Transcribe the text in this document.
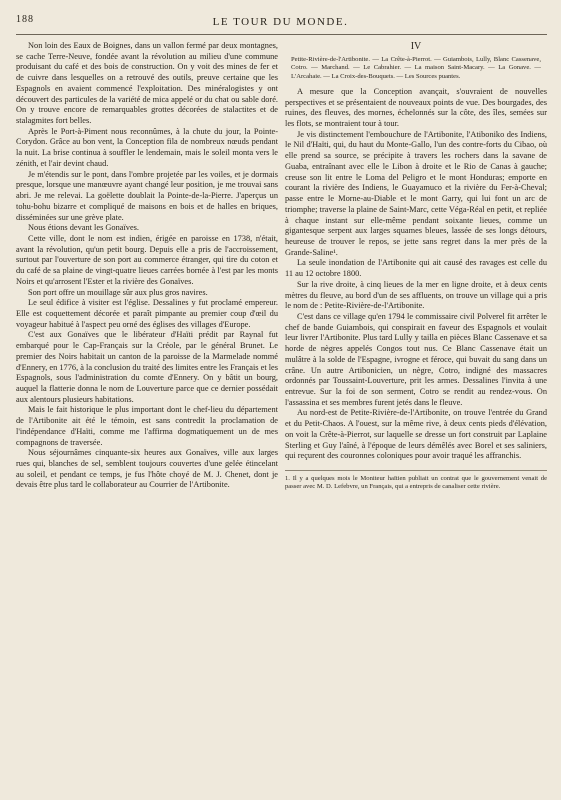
188	LE TOUR DU MONDE.

Non loin des Eaux de Boignes, dans un vallon fermé par deux montagnes, se cache Terre-Neuve, fondée avant la révolution au milieu d'une commune produisant du café et des bois de construction. On y voit des mines de fer et de cuivre dans lesquelles on a retrouvé des outils, preuve certaine que les Espagnols en avaient commencé l'exploitation. Des minéralogistes y ont découvert des particules de la variété de mica appelé or du chat ou sable doré. On y trouve encore de remarquables grottes décorées de stalactites et de stalagmites fort belles.

Après le Port-à-Piment nous reconnûmes, à la chute du jour, la Pointe-Corydon. Grâce au bon vent, la Conception fila de nombreux nœuds pendant la nuit. La brise continua à souffler le lendemain, mais le soleil monta vers le zénith, et l'air devint chaud.

Je m'étendis sur le pont, dans l'ombre projetée par les voiles, et je dormais presque, lorsque une manœuvre ayant changé leur position, je me trouvai sans abri. Je me relevai. La goëlette doublait la Pointe-de-la-Pierre. J'aperçus un tohu-bohu bizarre et compliqué de maisons en bois et de halles en briques, disséminées sur une grève plate.

Nous étions devant les Gonaïves.

Cette ville, dont le nom est indien, érigée en paroisse en 1738, n'était, avant la révolution, qu'un petit bourg. Depuis elle a pris de l'accroissement, surtout par l'ouverture de son port au commerce étranger, qui tire du coton et du café de sa plaine de vingt-quatre lieues carrées bornée à l'est par les monts Noirs et qu'arrosent l'Ester et la rivière des Gonaïves.

Son port offre un mouillage sûr aux plus gros navires.

Le seul édifice à visiter est l'église. Dessalines y fut proclamé empereur. Elle est coquettement décorée et paraît pimpante au premier coup d'œil du voyageur habitué à l'aspect peu orné des églises des villages d'Europe.

C'est aux Gonaïves que le libérateur d'Haïti prédit par Raynal fut embarqué pour le Cap-Français sur la Créole, par le général Brunet. Le premier des Noirs habitait un canton de la paroisse de la Marmelade nommé d'Ennery, en 1776, à la conclusion du traité des limites entre les Français et les Espagnols, sous l'administration du comte d'Ennery. On y bâtit un bourg, auquel la flatterie donna le nom de Louverture parce que ce dernier possédait aux alentours plusieurs habitations.

Mais le fait historique le plus important dont le chef-lieu du département de l'Artibonite ait été le témoin, est sans contredit la proclamation de l'indépendance d'Haïti, comme me l'affirma dogmatiquement un de mes compagnons de traversée.

Nous séjournâmes cinquante-six heures aux Gonaïves, ville aux larges rues qui, blanches de sel, semblent toujours couvertes d'une gelée étincelant au soleil, et pendant ce temps, je fus l'hôte choyé de M. J. Chenet, dont je devais être plus tard le collaborateur au Courrier de l'Artibonite.

IV
Petite-Rivière-de-l'Artibonite. — La Crête-à-Pierrot. — Guiambois, Lully, Blanc Cassenave, Cotro. — Marchand. — Le Cabrahier. — La maison Saint-Macary. — La Gonave. — L'Arcahaie. — La Croix-des-Bouquets. — Les Sources puantes.

A mesure que la Conception avançait, s'ouvraient de nouvelles perspectives et se présentaient de nouveaux points de vue. Des bourgades, des ruines, des fleuves, des mornes, échelonnés sur la côte, des îles, semées sur les flots, se montraient tour à tour.

Je vis distinctement l'embouchure de l'Artibonite, l'Atiboniko des Indiens, le Nil d'Haïti, qui, du haut du Monte-Gallo, l'un des contre-forts du Cibao, où elle prend sa source, se précipite à travers les rochers dans la savane de Guaba, entraînant avec elle le Libon à droite et le Rio de Canas à gauche; creuse son lit entre le Loma del Peligro et le mont Honduras; emporte en courant la rivière des Indiens, le Guayamuco et la rivière du Fer-à-Cheval; passe entre le Morne-au-Diable et le mont Garry, qui lui font un arc de triomphe; traverse la plaine de Saint-Marc, cette Véga-Réal en petit, et repliée à chaque instant sur elle-même pendant soixante lieues, comme un gigantesque serpent aux larges squames bleues, lassée de ses longs détours, heureuse de trouver le repos, se jette sans regret dans la mer près de la Grande-Saline¹.

La seule inondation de l'Artibonite qui ait causé des ravages est celle du 11 au 12 octobre 1800.

Sur la rive droite, à cinq lieues de la mer en ligne droite, et à deux cents mètres du fleuve, au bord d'un de ses affluents, on trouve un village qui a pris le nom de : Petite-Rivière-de-l'Artibonite.

C'est dans ce village qu'en 1794 le commissaire civil Polverel fit arrêter le chef de bande Guiambois, qui conspirait en faveur des Espagnols et voulait leur livrer l'Artibonite. Plus tard Lully y tailla en pièces Blanc Cassenave et sa horde de nègres appelés Congos tout nus. Ce Blanc Cassenave était un mulâtre à la solde de l'Espagne, ivrogne et féroce, qui buvait du sang dans un crâne. Un autre Artibonicien, un nègre, Cotro, indigné des massacres ordonnés par Toussaint-Louverture, prit les armes. Dessalines l'invita à une entrevue. Sur la foi de son serment, Cotro se rendit au rendez-vous. On l'assassina et ses membres furent jetés dans le fleuve.

Au nord-est de Petite-Rivière-de-l'Artibonite, on trouve l'entrée du Grand et du Petit-Chaos. A l'ouest, sur la même rive, à deux cents pieds d'élévation, on voit la Crête-à-Pierrot, sur laquelle se dresse un fort construit par Laplaine Sterling et Guy l'aîné, à l'époque de leurs démêlés avec Borel et ses saliniers, qui reçurent des couronnes coloniques pour avoir traqué les affranchis.

1. Il y a quelques mois le Moniteur haïtien publiait un contrat que le gouvernement venait de passer avec M. D. Lefebvre, un Français, qui a entrepris de canaliser cette rivière.
